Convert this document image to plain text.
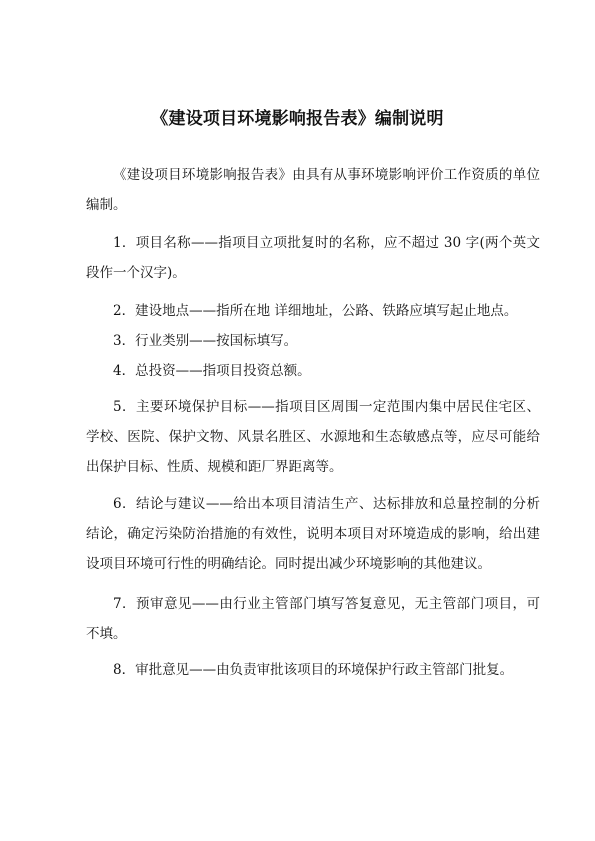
《建设项目环境影响报告表》编制说明
《建设项目环境影响报告表》由具有从事环境影响评价工作资质的单位编制。
1．项目名称——指项目立项批复时的名称，应不超过 30 字(两个英文段作一个汉字)。
2．建设地点——指所在地 详细地址，公路、铁路应填写起止地点。
3．行业类别——按国标填写。
4．总投资——指项目投资总额。
5．主要环境保护目标——指项目区周围一定范围内集中居民住宅区、学校、医院、保护文物、风景名胜区、水源地和生态敏感点等，应尽可能给出保护目标、性质、规模和距厂界距离等。
6．结论与建议——给出本项目清洁生产、达标排放和总量控制的分析结论，确定污染防治措施的有效性，说明本项目对环境造成的影响，给出建设项目环境可行性的明确结论。同时提出减少环境影响的其他建议。
7．预审意见——由行业主管部门填写答复意见，无主管部门项目，可不填。
8．审批意见——由负责审批该项目的环境保护行政主管部门批复。
